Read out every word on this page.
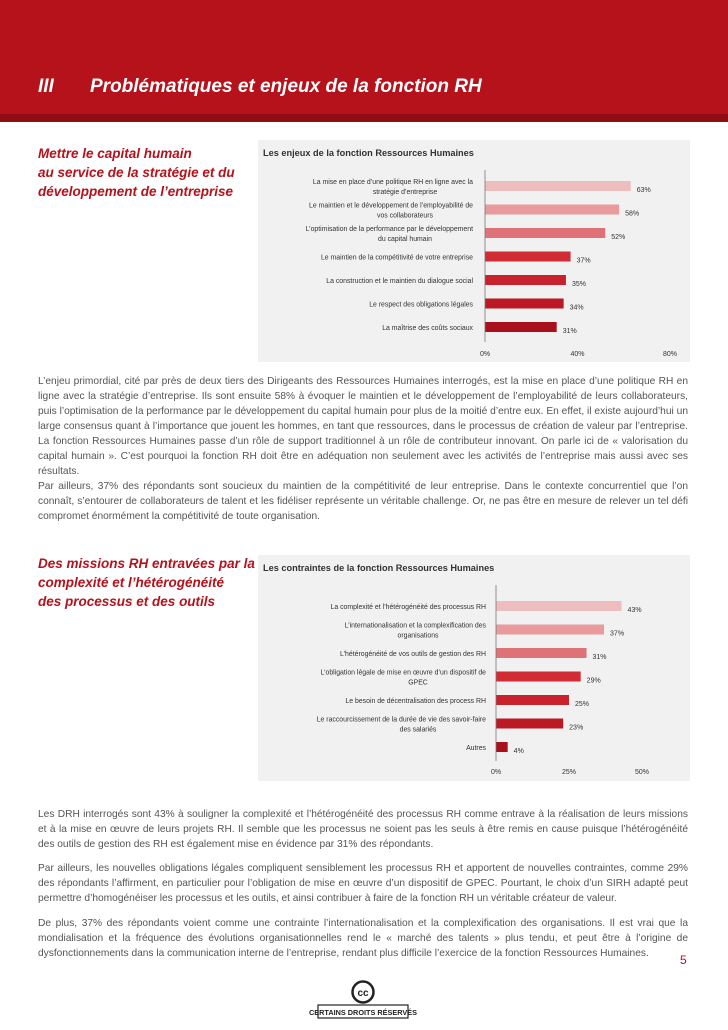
III Problématiques et enjeux de la fonction RH
Mettre le capital humain
au service de la stratégie et du
développement de l’entreprise
Les enjeux de la fonction Ressources Humaines
63%
La mise en place d’une politique RH en ligne avec la
stratégie d’entreprise
58%
Le maintien et le développement de l’employabilité de
vos collaborateurs
52%
L’optimisation de la performance par le développement
du capital humain
37%
Le maintien de la compétitivité de votre entreprise
35%
La construction et le maintien du dialogue social
34%
Le respect des obligations légales
31%
La maîtrise des coûts sociaux
0%	40%	80%

L’enjeu primordial, cité par près de deux tiers des Dirigeants des Ressources Humaines interrogés, est la mise en place d’une politique RH en ligne avec la stratégie d’entreprise. Ils sont ensuite 58% à évoquer le maintien et le développement de l’employabilité de leurs collaborateurs, puis l’optimisation de la performance par le développement du capital humain pour plus de la moitié d’entre eux. En effet, il existe aujourd’hui un large consensus quant à l’importance que jouent les hommes, en tant que ressources, dans le processus de création de valeur par l’entreprise. La fonction Ressources Humaines passe d’un rôle de support traditionnel à un rôle de contributeur innovant. On parle ici de « valorisation du capital humain ». C’est pourquoi la fonction RH doit être en adéquation non seulement avec les activités de l’entreprise mais aussi avec ses résultats.

Par ailleurs, 37% des répondants sont soucieux du maintien de la compétitivité de leur entreprise. Dans le contexte concurrentiel que l’on connaît, s’entourer de collaborateurs de talent et les fidéliser représente un véritable challenge. Or, ne pas être en mesure de relever un tel défi compromet énormément la compétitivité de toute organisation.

Des missions RH entravées par la
complexité et l’hétérogénéité
des processus et des outils
Les contraintes de la fonction Ressources Humaines
43%
La complexité et l’hétérogénéité des processus RH
37%
L’internationalisation et la complexification des
organisations
31%
L’hétérogénéité de vos outils de gestion des RH
29%
L’obligation légale de mise en œuvre d’un dispositif de
GPEC
25%
Le besoin de décentralisation des process RH
23%
Le raccourcissement de la durée de vie des savoir-faire
des salariés
4%
Autres
0%	25%	50%

Les DRH interrogés sont 43% à souligner la complexité et l’hétérogénéité des processus RH comme entrave à la réalisation de leurs missions et à la mise en œuvre de leurs projets RH. Il semble que les processus ne soient pas les seuls à être remis en cause puisque l’hétérogénéité des outils de gestion des RH est également mise en évidence par 31% des répondants.

Par ailleurs, les nouvelles obligations légales compliquent sensiblement les processus RH et apportent de nouvelles contraintes, comme 29% des répondants l’affirment, en particulier pour l’obligation de mise en œuvre d’un dispositif de GPEC. Pourtant, le choix d’un SIRH adapté peut permettre d’homogénéiser les processus et les outils, et ainsi contribuer à faire de la fonction RH un véritable créateur de valeur.

De plus, 37% des répondants voient comme une contrainte l’internationalisation et la complexification des organisations. Il est vrai que la mondialisation et la fréquence des évolutions organisationnelles rend le « marché des talents » plus tendu, et peut être à l’origine de dysfonctionnements dans la communication interne de l’entreprise, rendant plus difficile l’exercice de la fonction Ressources Humaines.	5
cc
CERTAINS DROITS RÉSERVÉS
